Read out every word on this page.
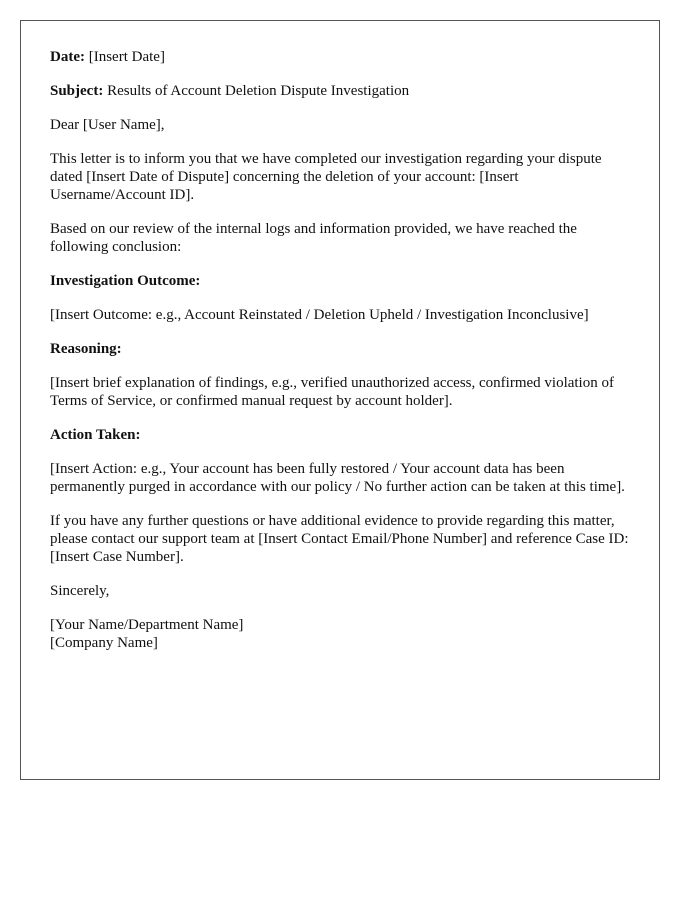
Date: [Insert Date]

Subject: Results of Account Deletion Dispute Investigation

Dear [User Name],

This letter is to inform you that we have completed our investigation regarding your dispute dated [Insert Date of Dispute] concerning the deletion of your account: [Insert Username/Account ID].

Based on our review of the internal logs and information provided, we have reached the following conclusion:

Investigation Outcome:

[Insert Outcome: e.g., Account Reinstated / Deletion Upheld / Investigation Inconclusive]

Reasoning:

[Insert brief explanation of findings, e.g., verified unauthorized access, confirmed violation of Terms of Service, or confirmed manual request by account holder].

Action Taken:

[Insert Action: e.g., Your account has been fully restored / Your account data has been permanently purged in accordance with our policy / No further action can be taken at this time].

If you have any further questions or have additional evidence to provide regarding this matter, please contact our support team at [Insert Contact Email/Phone Number] and reference Case ID: [Insert Case Number].

Sincerely,

[Your Name/Department Name]
[Company Name]
